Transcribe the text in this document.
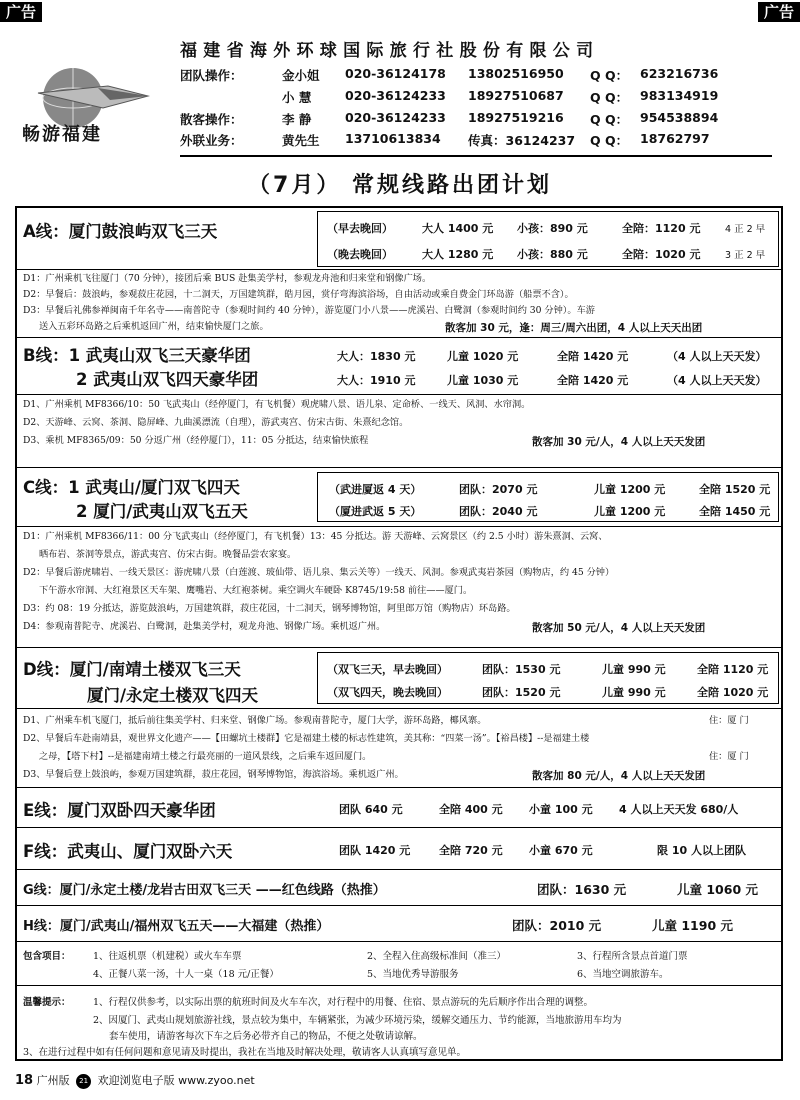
广告	广告
畅游福建
福建省海外环球国际旅行社股份有限公司
团队操作：	金小姐 020-36124178 13802516950 Q Q： 623216736
小 慧	020-36124233 18927510687 Q Q： 983134919
散客操作：	李 静	020-36124233 18927519216 Q Q： 954538894
外联业务：	黄先生 13710613834 传真：36124237 Q Q： 18762797
（7月） 常规线路出团计划
A线：厦门鼓浪屿双飞三天	（早去晚回）	大人 1400 元 小孩：890 元	全陪：1120 元	4 正 2 早
（晚去晚回）	大人 1280 元 小孩：880 元	全陪：1020 元	3 正 2 早
D1：广州乘机飞往厦门（70 分钟），接团后乘 BUS 赴集美学村，参观龙舟池和归来堂和钢像广场。
D2：早餐后：鼓浪屿，参观菽庄花园，十二洞天，万国建筑群，皓月园，赏仔弯海滨浴场，自由活动或乘自费金门环岛游（船票不含）。
D3：早餐后礼佛参禅闽南千年名寺——南普陀寺（参观时间约 40 分钟），游览厦门小八景——虎溪岩、白鹭洞（参观时间约 30 分钟）。车游
送入五彩环岛路之后乘机返回广州，结束愉快厦门之旅。	散客加 30 元，逢：周三/周六出团，4 人以上天天出团
B线：1 武夷山双飞三天豪华团
2 武夷山双飞四天豪华团
大人：1830 元	儿童 1020 元	全陪 1420 元	（4 人以上天天发）
大人：1910 元	儿童 1030 元	全陪 1420 元	（4 人以上天天发）
D1、广州乘机 MF8366/10：50 飞武夷山（经停厦门，有飞机餐）观虎啸八景、语儿泉、定命桥、一线天、风洞、水帘洞。
D2、天游峰、云窝、茶洞、隐屏峰、九曲溪漂流（自理），游武夷宫、仿宋古街、朱熹纪念馆。
D3、乘机 MF8365/09：50 分返广州（经停厦门），11：05 分抵达，结束愉快旅程	散客加 30 元/人，4 人以上天天发团
C线：1 武夷山/厦门双飞四天
2 厦门/武夷山双飞五天
（武进厦返 4 天）	团队：2070 元	儿童 1200 元	全陪 1520 元
（厦进武返 5 天）	团队：2040 元	儿童 1200 元	全陪 1450 元
D1：广州乘机 MF8366/11：00 分飞武夷山（经停厦门，有飞机餐）13：45 分抵达。游 天游峰、云窝景区（约 2.5 小时）游朱熹洞、云窝、
晒布岩、茶洞等景点，游武夷宫、仿宋古街。晚餐品尝农家宴。
D2：早餐后游虎啸岩、一线天景区：游虎啸八景（白莲渡、玻仙带、语儿泉、集云关等）一线天、风洞。参观武夷岩茶园（购物店，约 45 分钟）
下午游水帘洞、大红袍景区天车架、鹰嘴岩、大红袍茶树。乘空调火车硬卧 K8745/19:58 前往——厦门。
D3：约 08：19 分抵达，游览鼓浪屿，万国建筑群，菽庄花园，十二洞天，钢琴博物馆，阿里郎万馆（购物店）环岛路。
D4：参观南普陀寺、虎溪岩、白鹭洞，赴集美学村，观龙舟池、钢像广场。乘机返广州。	散客加 50 元/人，4 人以上天天发团
D线：厦门/南靖土楼双飞三天
厦门/永定土楼双飞四天
（双飞三天，早去晚回）	团队：1530 元	儿童 990 元	全陪 1120 元
（双飞四天，晚去晚回）	团队：1520 元	儿童 990 元	全陪 1020 元
D1、广州乘车机飞厦门，抵后前往集美学村、归来堂、钢像广场。参观南普陀寺，厦门大学，游环岛路，椰风寨。	住：厦 门
D2、早餐后车赴南靖县，观世界文化遗产——【田螺坑土楼群】它是福建土楼的标志性建筑，美其称：“四菜一汤”。【裕昌楼】--是福建土楼
之母，【塔下村】--是福建南靖土楼之行最亮丽的一道风景线，之后乘车返回厦门。	住：厦 门
D3、早餐后登上鼓浪屿，参观万国建筑群，菽庄花园，钢琴博物馆，海滨浴场。乘机返广州。	散客加 80 元/人，4 人以上天天发团
E线：厦门双卧四天豪华团	团队 640 元	全陪 400 元 小童 100 元 4 人以上天天发 680/人
F线：武夷山、厦门双卧六天	团队 1420 元	全陪 720 元 小童 670 元	限 10 人以上团队
G线：厦门/永定土楼/龙岩古田双飞三天 ——红色线路（热推）	团队：1630 元	儿童 1060 元
H线：厦门/武夷山/福州双飞五天——大福建（热推）	团队：2010 元	儿童 1190 元
包含项目： 1、往返机票（机建税）或火车车票	2、全程入住高级标准间（准三）	3、行程所含景点首道门票
4、正餐八菜一汤，十人一桌（18 元/正餐）	5、当地优秀导游服务	6、当地空调旅游车。
温馨提示： 1、行程仅供参考，以实际出票的航班时间及火车车次，对行程中的用餐、住宿、景点游玩的先后顺序作出合理的调整。
2、因厦门、武夷山规划旅游社线，景点较为集中，车辆紧张，为减少环境污染，缓解交通压力、节约能源，当地旅游用车均为
套车使用，请游客每次下车之后务必带齐自己的物品，不便之处敬请谅解。
3、在进行过程中如有任何问题和意见请及时提出，我社在当地及时解决处理，敬请客人认真填写意见单。
18 广州版 21 欢迎浏览电子版 www.zyoo.net
